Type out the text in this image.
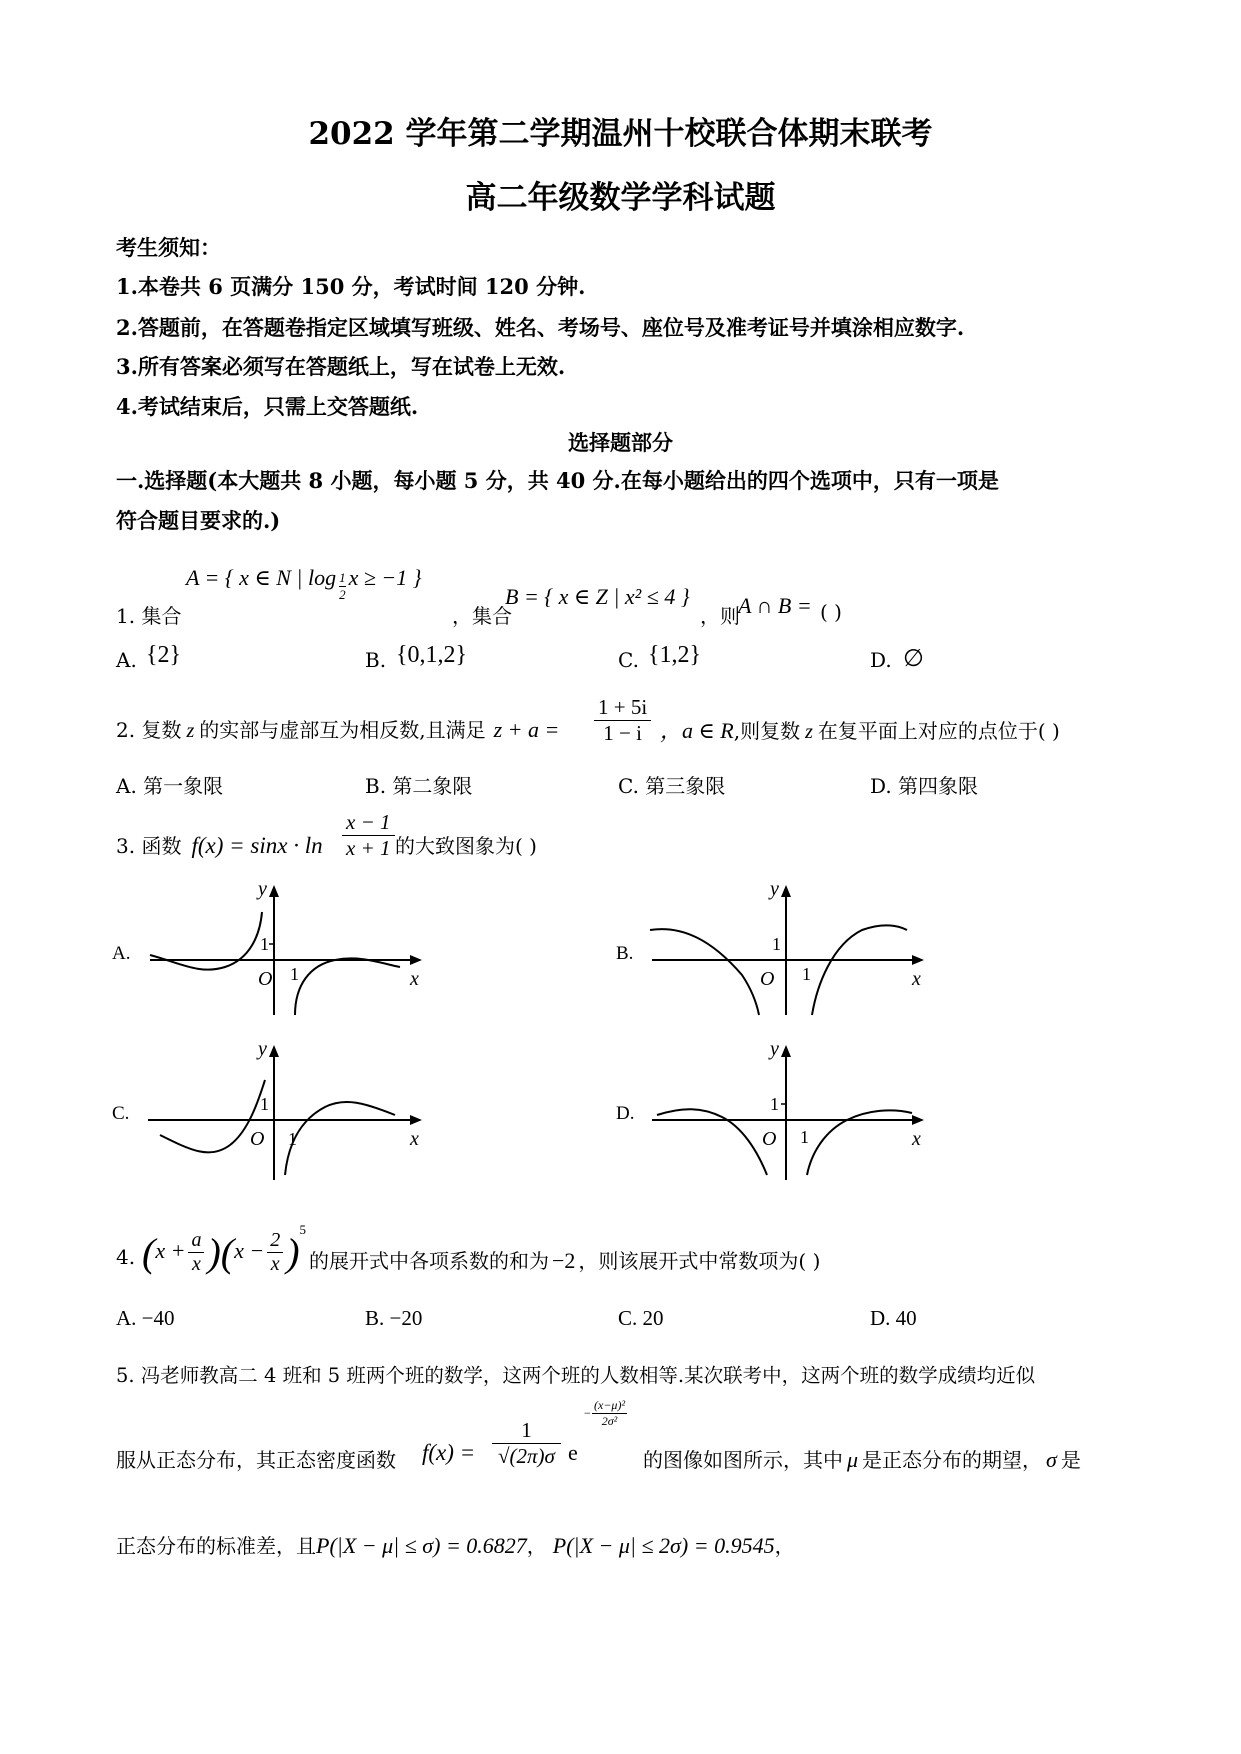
2022 学年第二学期温州十校联合体期末联考
高二年级数学学科试题
考生须知：
1.本卷共 6 页满分 150 分，考试时间 120 分钟.
2.答题前，在答题卷指定区域填写班级、姓名、考场号、座位号及准考证号并填涂相应数字.
3.所有答案必须写在答题纸上，写在试卷上无效.
4.考试结束后，只需上交答题纸.
选择题部分
一.选择题(本大题共 8 小题，每小题 5 分，共 40 分.在每小题给出的四个选项中，只有一项是
符合题目要求的.)
1. 集合
A = { x ∈ N | $\log \frac{1}{2}$ x ≥ −1 }
，集合
B = { x ∈ Z | x² ≤ 4 }
，则
A ∩ B = ( )
A. {2}	B. {0,1,2}	C. {1,2}	D. ∅
2. 复数 z 的实部与虚部互为相反数,且满足 z + a =
1 + 5i
1 − i ，a ∈ R,则复数 z 在复平面上对应的点位于( )
A. 第一象限	B. 第二象限	C. 第三象限	D. 第四象限
3. 函数 f(x) = sinx · ln
x − 1
x + 1 的大致图象为( )
A.
y
x
O
1
1
B.
y
x
O
1
1
C.
y
x
O
1
1
D.
y
x
O
1
1
4. $(x + \frac{a}{x} )(x - \frac{2}{x} )^5$
的展开式中各项系数的和为 −2 ，则该展开式中常数项为( )
A. −40	B. −20	C. 20	D. 40
5. 冯老师教高二 4 班和 5 班两个班的数学，这两个班的人数相等.某次联考中，这两个班的数学成绩均近似
服从正态分布，其正态密度函数 f(x) =
1
√(2π)σ e
−
(x−μ)²
2σ²
的图像如图所示，其中 μ 是正态分布的期望， σ 是
正态分布的标准差，且P(|X − μ| ≤ σ) = 0.6827， P(|X − μ| ≤ 2σ) = 0.9545，
